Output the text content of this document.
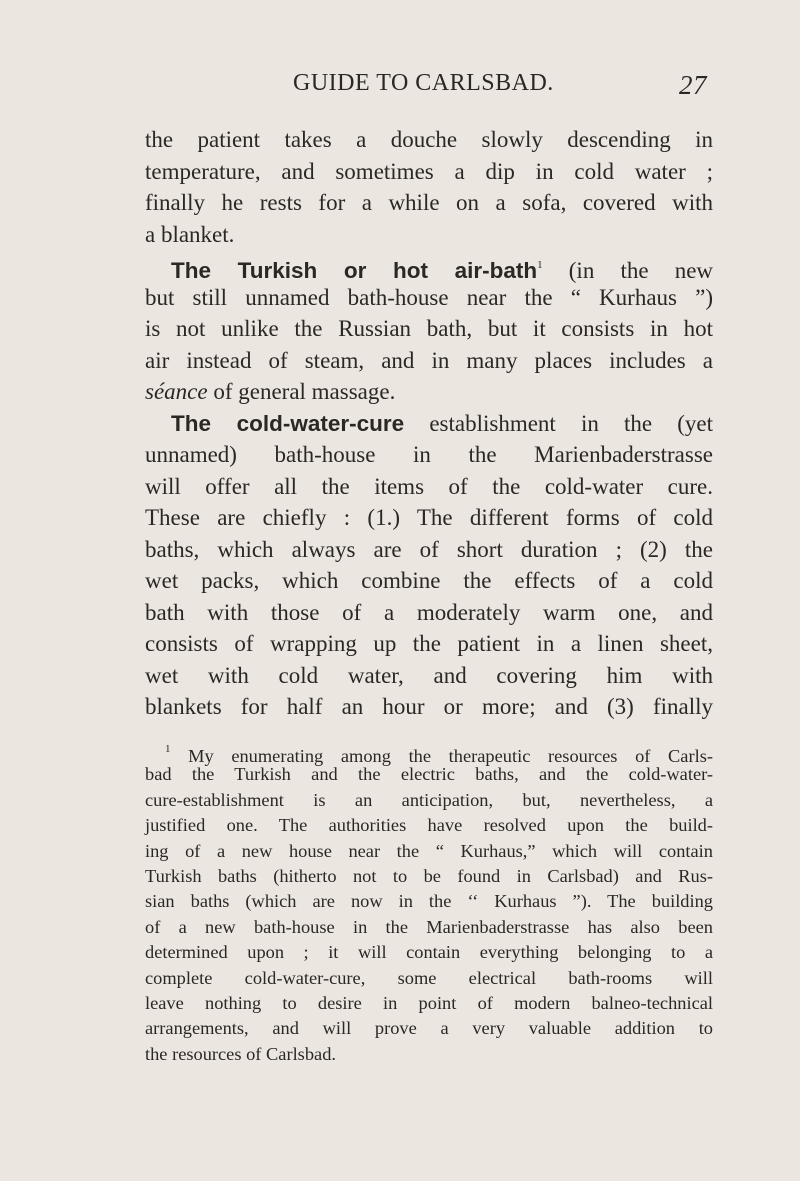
GUIDE TO CARLSBAD.	27
the patient takes a douche slowly descending in
temperature, and sometimes a dip in cold water ;
finally he rests for a while on a sofa, covered with
a blanket.
The Turkish or hot air-bath$^1$ (in the new
but still unnamed bath-house near the “ Kurhaus ”)
is not unlike the Russian bath, but it consists in hot
air instead of steam, and in many places includes a
séance of general massage.
The cold-water-cure establishment in the (yet
unnamed) bath-house in the Marienbaderstrasse
will offer all the items of the cold-water cure.
These are chiefly : (1.) The different forms of cold
baths, which always are of short duration ; (2) the
wet packs, which combine the effects of a cold
bath with those of a moderately warm one, and
consists of wrapping up the patient in a linen sheet,
wet with cold water, and covering him with
blankets for half an hour or more; and (3) finally
$^1$ My enumerating among the therapeutic resources of Carls-
bad the Turkish and the electric baths, and the cold-water-
cure-establishment is an anticipation, but, nevertheless, a
justified one. The authorities have resolved upon the build-
ing of a new house near the “ Kurhaus,” which will contain
Turkish baths (hitherto not to be found in Carlsbad) and Rus-
sian baths (which are now in the ‘‘ Kurhaus ”). The building
of a new bath-house in the Marienbaderstrasse has also been
determined upon ; it will contain everything belonging to a
complete cold-water-cure, some electrical bath-rooms will
leave nothing to desire in point of modern balneo-technical
arrangements, and will prove a very valuable addition to
the resources of Carlsbad.
